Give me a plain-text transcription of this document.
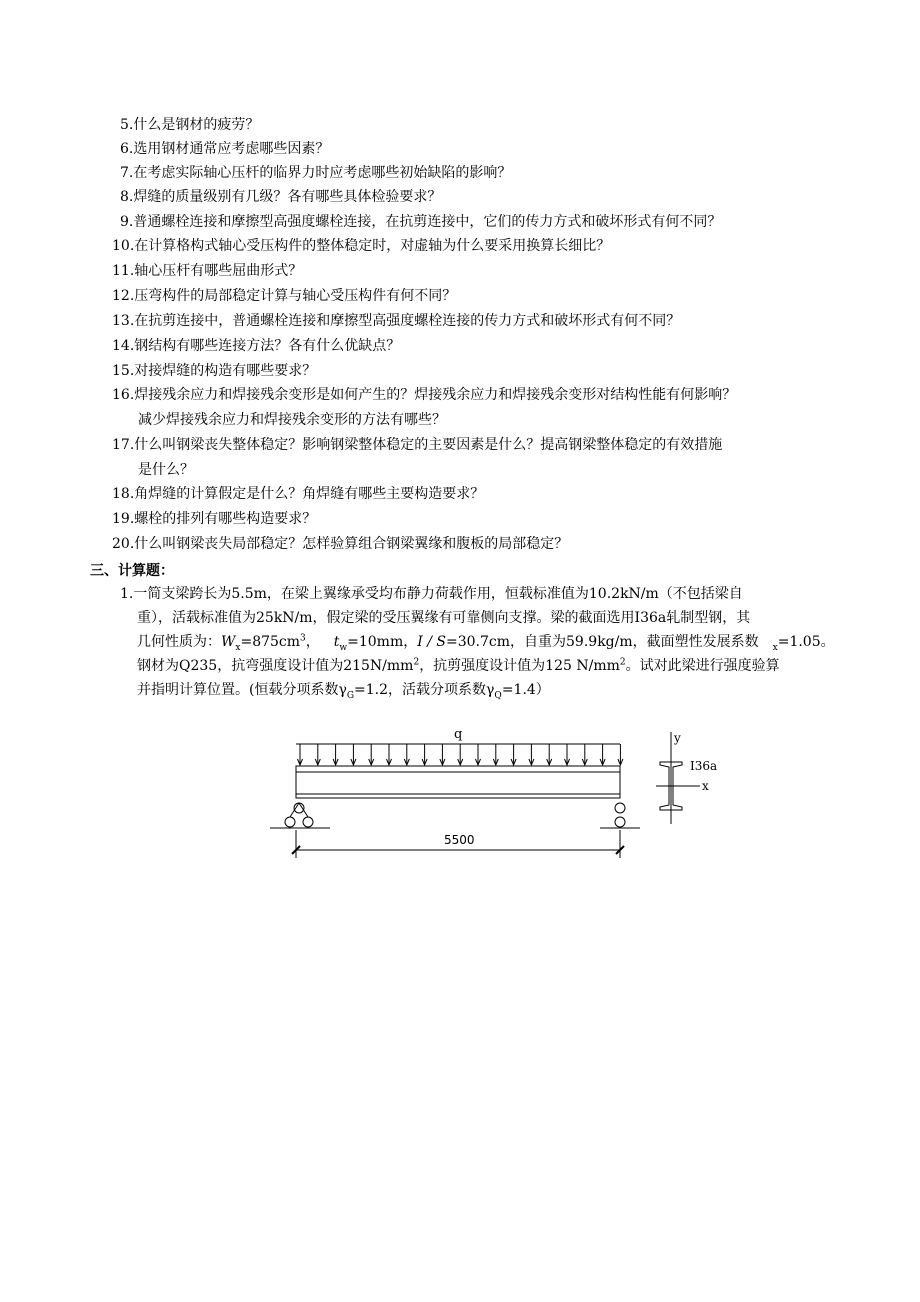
5.什么是钢材的疲劳？
6.选用钢材通常应考虑哪些因素？
7.在考虑实际轴心压杆的临界力时应考虑哪些初始缺陷的影响？
8.焊缝的质量级别有几级？各有哪些具体检验要求？
9.普通螺栓连接和摩擦型高强度螺栓连接，在抗剪连接中，它们的传力方式和破坏形式有何不同？
10.在计算格构式轴心受压构件的整体稳定时，对虚轴为什么要采用换算长细比？
11.轴心压杆有哪些屈曲形式？
12.压弯构件的局部稳定计算与轴心受压构件有何不同？
13.在抗剪连接中，普通螺栓连接和摩擦型高强度螺栓连接的传力方式和破坏形式有何不同？
14.钢结构有哪些连接方法？各有什么优缺点？
15.对接焊缝的构造有哪些要求？
16.焊接残余应力和焊接残余变形是如何产生的？焊接残余应力和焊接残余变形对结构性能有何影响？
减少焊接残余应力和焊接残余变形的方法有哪些？
17.什么叫钢梁丧失整体稳定？影响钢梁整体稳定的主要因素是什么？提高钢梁整体稳定的有效措施
是什么？
18.角焊缝的计算假定是什么？角焊缝有哪些主要构造要求？
19.螺栓的排列有哪些构造要求？
20.什么叫钢梁丧失局部稳定？怎样验算组合钢梁翼缘和腹板的局部稳定？
三、计算题：
1.一简支梁跨长为5.5m，在梁上翼缘承受均布静力荷载作用，恒载标准值为10.2kN/m（不包括梁自
重），活载标准值为25kN/m，假定梁的受压翼缘有可靠侧向支撑。梁的截面选用I36a轧制型钢，其
几何性质为：$W_x=875cm^3$， $t_w=10mm$，I / S=30.7cm，自重为59.9kg/m，截面塑性发展系数  $_x$=1.05。
钢材为Q235，抗弯强度设计值为$215N/mm^2$，抗剪强度设计值为125 $N/mm^2$。试对此梁进行强度验算
并指明计算位置。(恒载分项系数$\gamma_G=1.2$，活载分项系数$\gamma_Q=1.4$）
q
5500
y
I36a
x
